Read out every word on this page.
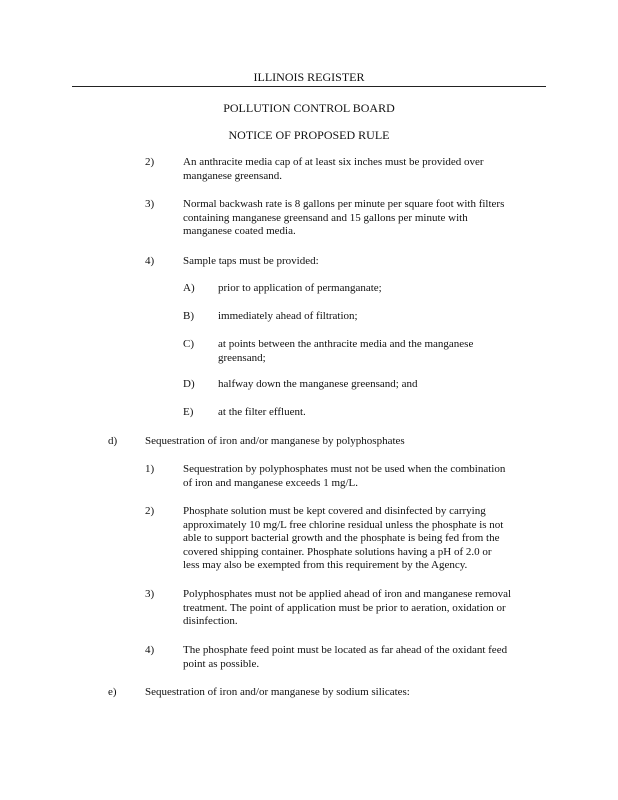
ILLINOIS REGISTER
POLLUTION CONTROL BOARD
NOTICE OF PROPOSED RULE
2)	An anthracite media cap of at least six inches must be provided over
manganese greensand.
3)	Normal backwash rate is 8 gallons per minute per square foot with filters
containing manganese greensand and 15 gallons per minute with
manganese coated media.
4)	Sample taps must be provided:
A) prior to application of permanganate;
B) immediately ahead of filtration;
C) at points between the anthracite media and the manganese
greensand;
D) halfway down the manganese greensand; and
E) at the filter effluent.
d)	Sequestration of iron and/or manganese by polyphosphates
1)	Sequestration by polyphosphates must not be used when the combination
of iron and manganese exceeds 1 mg/L.
2)	Phosphate solution must be kept covered and disinfected by carrying
approximately 10 mg/L free chlorine residual unless the phosphate is not
able to support bacterial growth and the phosphate is being fed from the
covered shipping container. Phosphate solutions having a pH of 2.0 or
less may also be exempted from this requirement by the Agency.
3)	Polyphosphates must not be applied ahead of iron and manganese removal
treatment. The point of application must be prior to aeration, oxidation or
disinfection.
4)	The phosphate feed point must be located as far ahead of the oxidant feed
point as possible.
e)	Sequestration of iron and/or manganese by sodium silicates:
